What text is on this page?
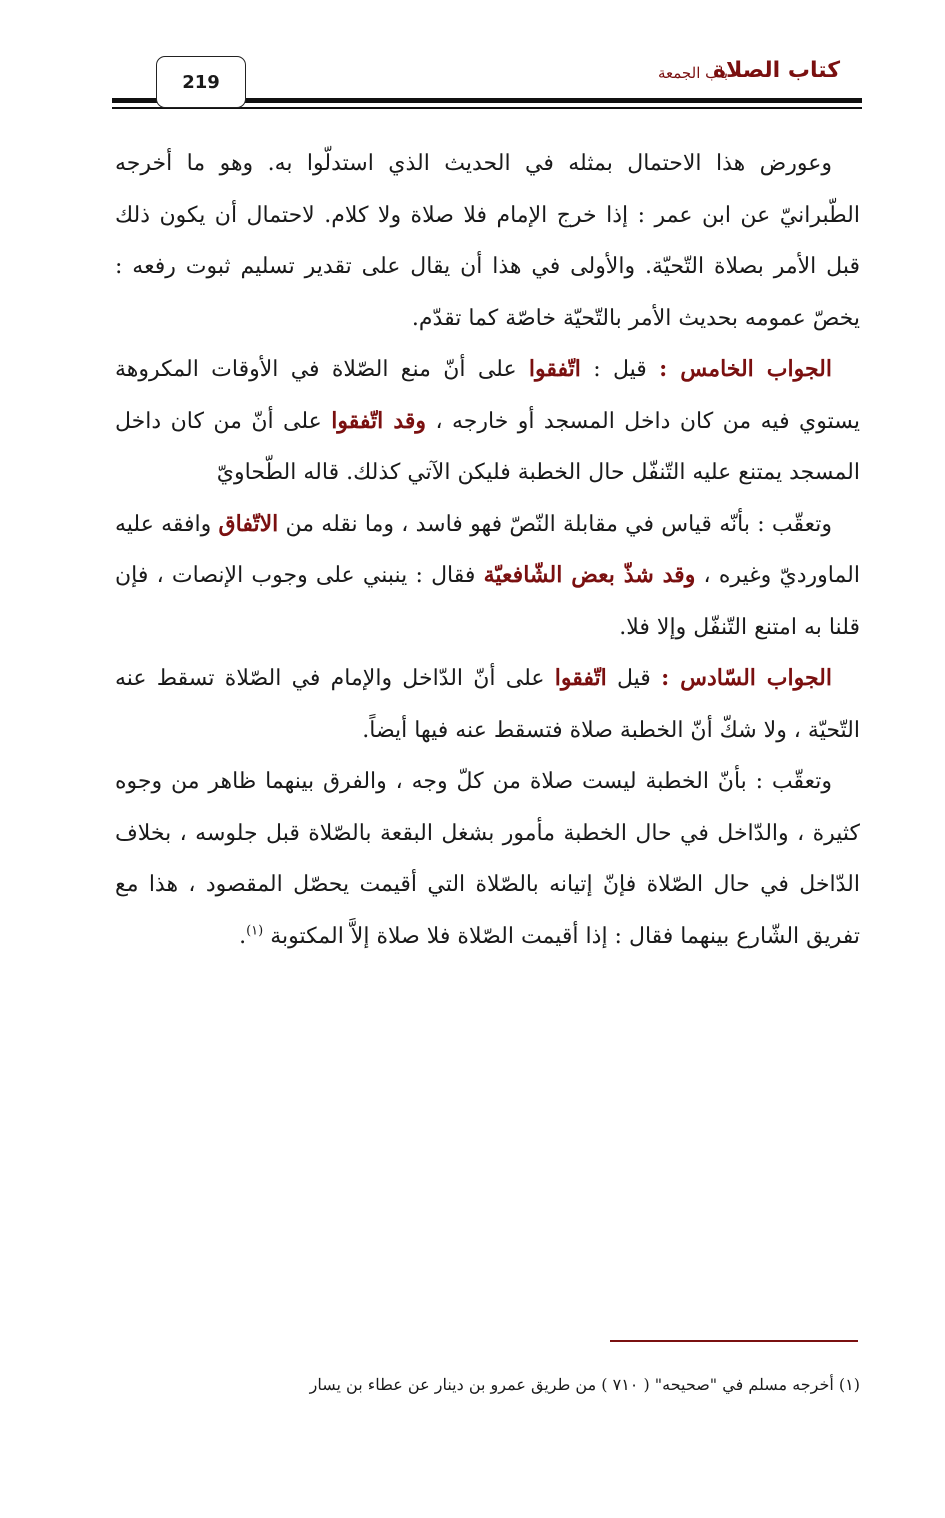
كتاب الصلاة
باب الجمعة
219

وعورض هذا الاحتمال بمثله في الحديث الذي استدلّوا به. وهو ما أخرجه الطّبرانيّ عن ابن عمر : إذا خرج الإمام فلا صلاة ولا كلام. لاحتمال أن يكون ذلك قبل الأمر بصلاة التّحيّة. والأولى في هذا أن يقال على تقدير تسليم ثبوت رفعه : يخصّ عمومه بحديث الأمر بالتّحيّة خاصّة كما تقدّم.

الجواب الخامس : قيل : اتّفقوا على أنّ منع الصّلاة في الأوقات المكروهة يستوي فيه من كان داخل المسجد أو خارجه ، وقد اتّفقوا على أنّ من كان داخل المسجد يمتنع عليه التّنفّل حال الخطبة فليكن الآتي كذلك. قاله الطّحاويّ

وتعقّب : بأنّه قياس في مقابلة النّصّ فهو فاسد ، وما نقله من الاتّفاق وافقه عليه الماورديّ وغيره ، وقد شذّ بعض الشّافعيّة فقال : ينبني على وجوب الإنصات ، فإن قلنا به امتنع التّنفّل وإلا فلا.

الجواب السّادس : قيل اتّفقوا على أنّ الدّاخل والإمام في الصّلاة تسقط عنه التّحيّة ، ولا شكّ أنّ الخطبة صلاة فتسقط عنه فيها أيضاً.

وتعقّب : بأنّ الخطبة ليست صلاة من كلّ وجه ، والفرق بينهما ظاهر من وجوه كثيرة ، والدّاخل في حال الخطبة مأمور بشغل البقعة بالصّلاة قبل جلوسه ، بخلاف الدّاخل في حال الصّلاة فإنّ إتيانه بالصّلاة التي أقيمت يحصّل المقصود ، هذا مع تفريق الشّارع بينهما فقال : إذا أقيمت الصّلاة فلا صلاة إلاَّ المكتوبة $^{(١)}$.

(١) أخرجه مسلم في "صحيحه" ( ٧١٠ ) من طريق عمرو بن دينار عن عطاء بن يسار
